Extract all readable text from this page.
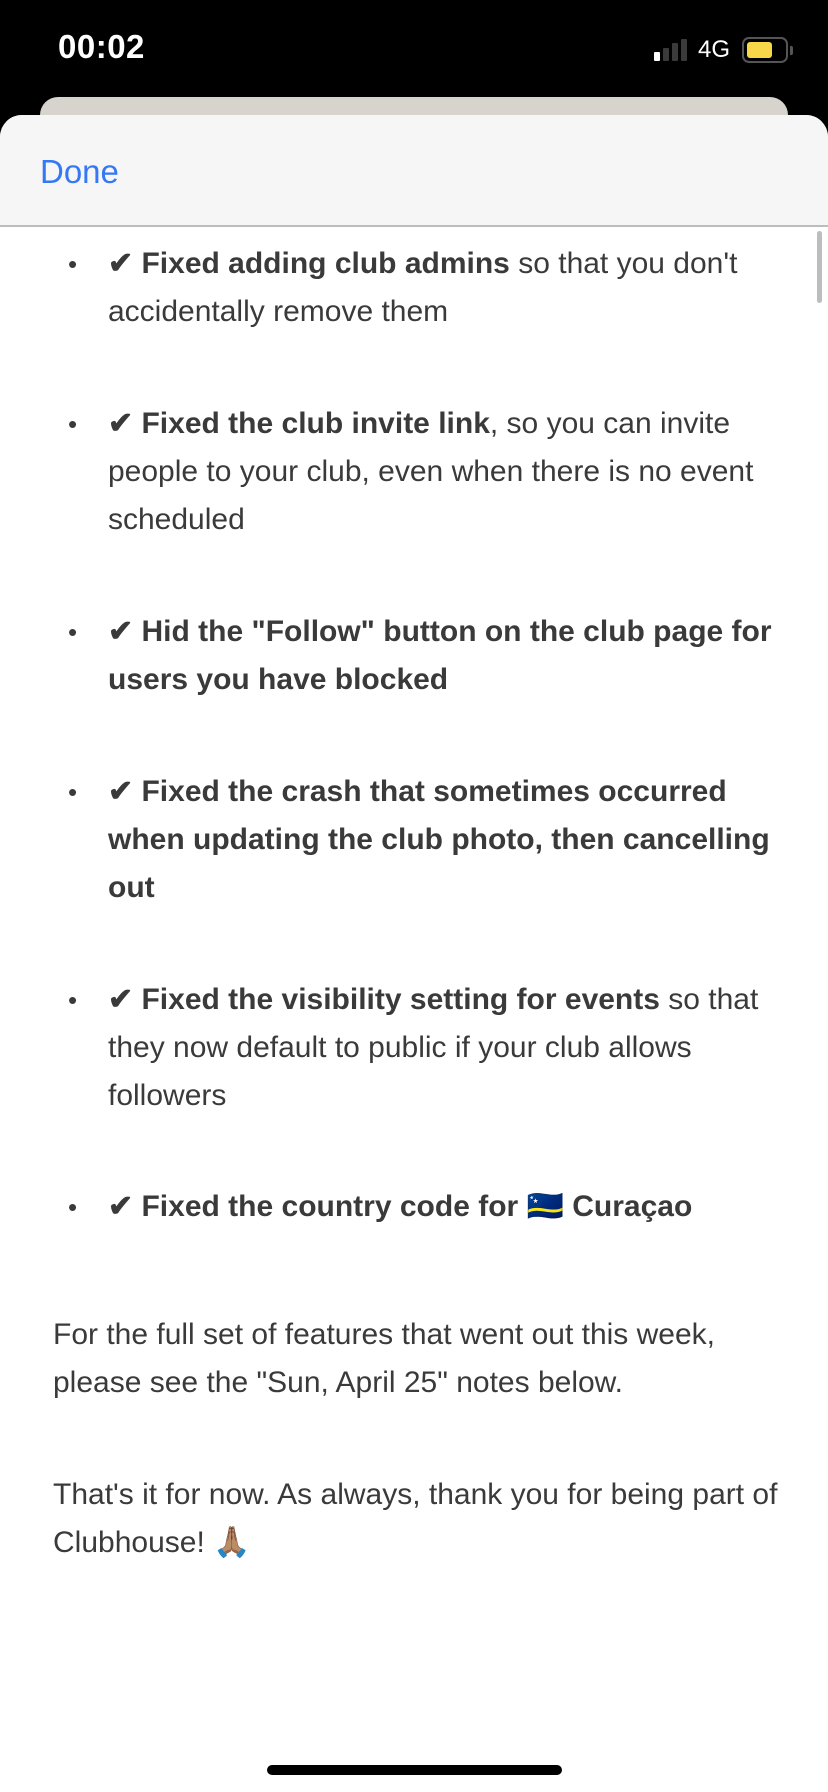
00:02	4G
Done
• ✔ Fixed adding club admins so that you don't accidentally remove them
• ✔ Fixed the club invite link, so you can invite people to your club, even when there is no event scheduled
• ✔ Hid the "Follow" button on the club page for users you have blocked
• ✔ Fixed the crash that sometimes occurred when updating the club photo, then cancelling out
• ✔ Fixed the visibility setting for events so that they now default to public if your club allows followers
• ✔ Fixed the country code for 🇨🇼 Curaçao

For the full set of features that went out this week, please see the "Sun, April 25" notes below.

That's it for now. As always, thank you for being part of Clubhouse! 🙏🏽
